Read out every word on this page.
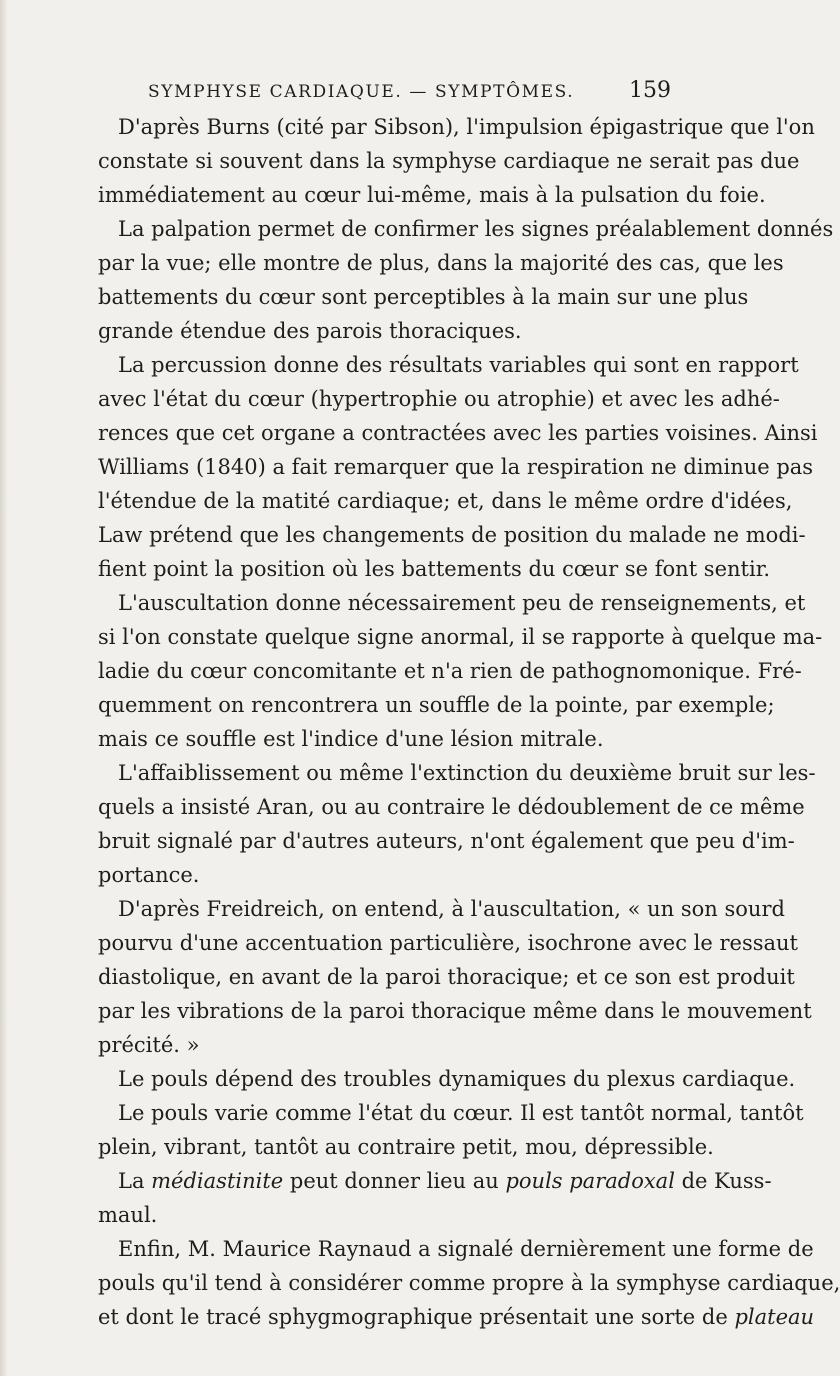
SYMPHYSE CARDIAQUE. — SYMPTÔMES. 159
D'après Burns (cité par Sibson), l'impulsion épigastrique que l'on
constate si souvent dans la symphyse cardiaque ne serait pas due
immédiatement au cœur lui-même, mais à la pulsation du foie.
La palpation permet de confirmer les signes préalablement donnés
par la vue; elle montre de plus, dans la majorité des cas, que les
battements du cœur sont perceptibles à la main sur une plus
grande étendue des parois thoraciques.
La percussion donne des résultats variables qui sont en rapport
avec l'état du cœur (hypertrophie ou atrophie) et avec les adhé-
rences que cet organe a contractées avec les parties voisines. Ainsi
Williams (1840) a fait remarquer que la respiration ne diminue pas
l'étendue de la matité cardiaque; et, dans le même ordre d'idées,
Law prétend que les changements de position du malade ne modi-
fient point la position où les battements du cœur se font sentir.
L'auscultation donne nécessairement peu de renseignements, et
si l'on constate quelque signe anormal, il se rapporte à quelque ma-
ladie du cœur concomitante et n'a rien de pathognomonique. Fré-
quemment on rencontrera un souffle de la pointe, par exemple;
mais ce souffle est l'indice d'une lésion mitrale.
L'affaiblissement ou même l'extinction du deuxième bruit sur les-
quels a insisté Aran, ou au contraire le dédoublement de ce même
bruit signalé par d'autres auteurs, n'ont également que peu d'im-
portance.
D'après Freidreich, on entend, à l'auscultation, « un son sourd
pourvu d'une accentuation particulière, isochrone avec le ressaut
diastolique, en avant de la paroi thoracique; et ce son est produit
par les vibrations de la paroi thoracique même dans le mouvement
précité. »
Le pouls dépend des troubles dynamiques du plexus cardiaque.
Le pouls varie comme l'état du cœur. Il est tantôt normal, tantôt
plein, vibrant, tantôt au contraire petit, mou, dépressible.
La médiastinite peut donner lieu au pouls paradoxal de Kuss-
maul.
Enfin, M. Maurice Raynaud a signalé dernièrement une forme de
pouls qu'il tend à considérer comme propre à la symphyse cardiaque,
et dont le tracé sphygmographique présentait une sorte de plateau
